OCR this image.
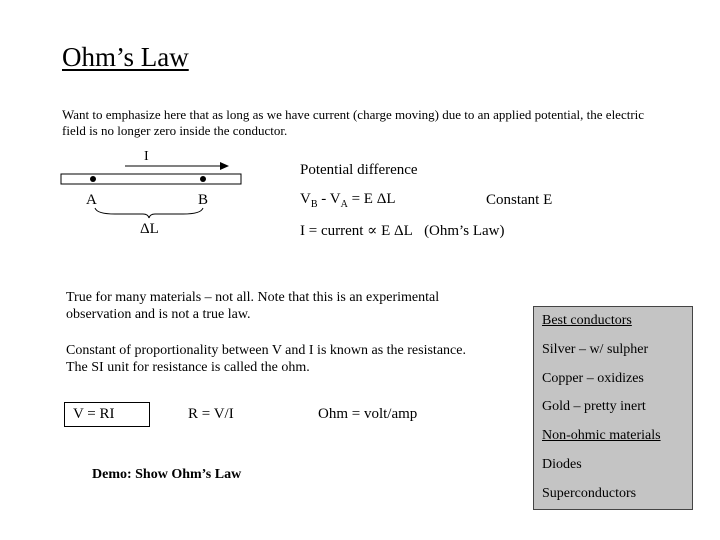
Ohm’s Law
Want to emphasize here that as long as we have current (charge moving) due to an applied potential, the electric field is no longer zero inside the conductor.
I
A	B
ΔL
Potential difference
$V_B - V_A = E$ ΔL	Constant E
I = current ∝ E ΔL (Ohm’s Law)
True for many materials – not all. Note that this is an experimental observation and is not a true law.
Constant of proportionality between V and I is known as the resistance. The SI unit for resistance is called the ohm.
V = RI	R = V/I	Ohm = volt/amp
Demo: Show Ohm’s Law
Best conductors
Silver – w/ sulpher
Copper – oxidizes
Gold – pretty inert
Non-ohmic materials
Diodes
Superconductors
